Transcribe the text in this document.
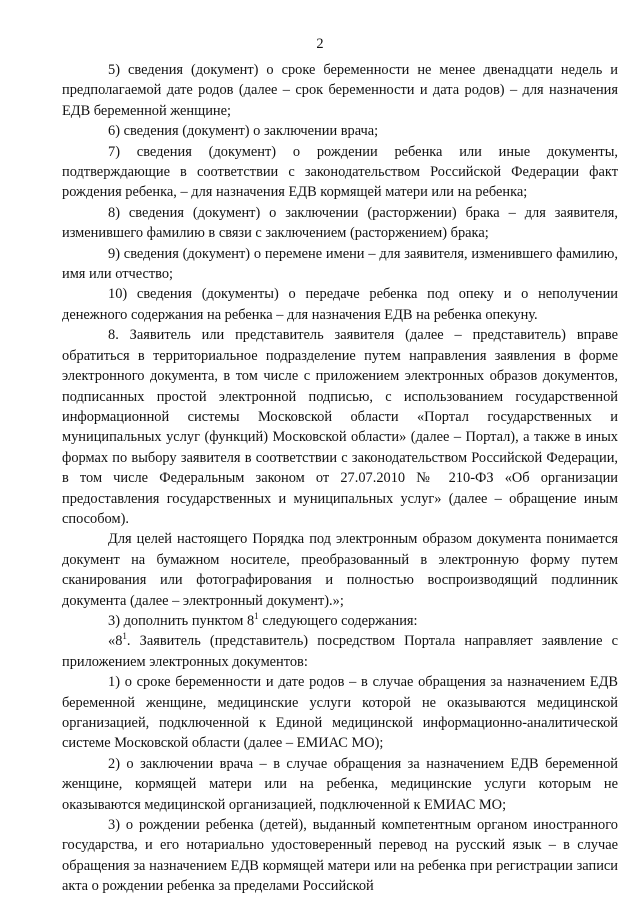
2

5) сведения (документ) о сроке беременности не менее двенадцати недель и предполагаемой дате родов (далее – срок беременности и дата родов) – для назначения ЕДВ беременной женщине;

6) сведения (документ) о заключении врача;

7) сведения (документ) о рождении ребенка или иные документы, подтверждающие в соответствии с законодательством Российской Федерации факт рождения ребенка, – для назначения ЕДВ кормящей матери или на ребенка;

8) сведения (документ) о заключении (расторжении) брака – для заявителя, изменившего фамилию в связи с заключением (расторжением) брака;

9) сведения (документ) о перемене имени – для заявителя, изменившего фамилию, имя или отчество;

10) сведения (документы) о передаче ребенка под опеку и о неполучении денежного содержания на ребенка – для назначения ЕДВ на ребенка опекуну.

8. Заявитель или представитель заявителя (далее – представитель) вправе обратиться в территориальное подразделение путем направления заявления в форме электронного документа, в том числе с приложением электронных образов документов, подписанных простой электронной подписью, с использованием государственной информационной системы Московской области «Портал государственных и муниципальных услуг (функций) Московской области» (далее – Портал), а также в иных формах по выбору заявителя в соответствии с законодательством Российской Федерации, в том числе Федеральным законом от 27.07.2010 № 210-ФЗ «Об организации предоставления государственных и муниципальных услуг» (далее – обращение иным способом).

Для целей настоящего Порядка под электронным образом документа понимается документ на бумажном носителе, преобразованный в электронную форму путем сканирования или фотографирования и полностью воспроизводящий подлинник документа (далее – электронный документ).»;

3) дополнить пунктом $8^1$ следующего содержания:

«$8^1$. Заявитель (представитель) посредством Портала направляет заявление с приложением электронных документов:

1) о сроке беременности и дате родов – в случае обращения за назначением ЕДВ беременной женщине, медицинские услуги которой не оказываются медицинской организацией, подключенной к Единой медицинской информационно-аналитической системе Московской области (далее – ЕМИАС МО);

2) о заключении врача – в случае обращения за назначением ЕДВ беременной женщине, кормящей матери или на ребенка, медицинские услуги которым не оказываются медицинской организацией, подключенной к ЕМИАС МО;

3) о рождении ребенка (детей), выданный компетентным органом иностранного государства, и его нотариально удостоверенный перевод на русский язык – в случае обращения за назначением ЕДВ кормящей матери или на ребенка при регистрации записи акта о рождении ребенка за пределами Российской
